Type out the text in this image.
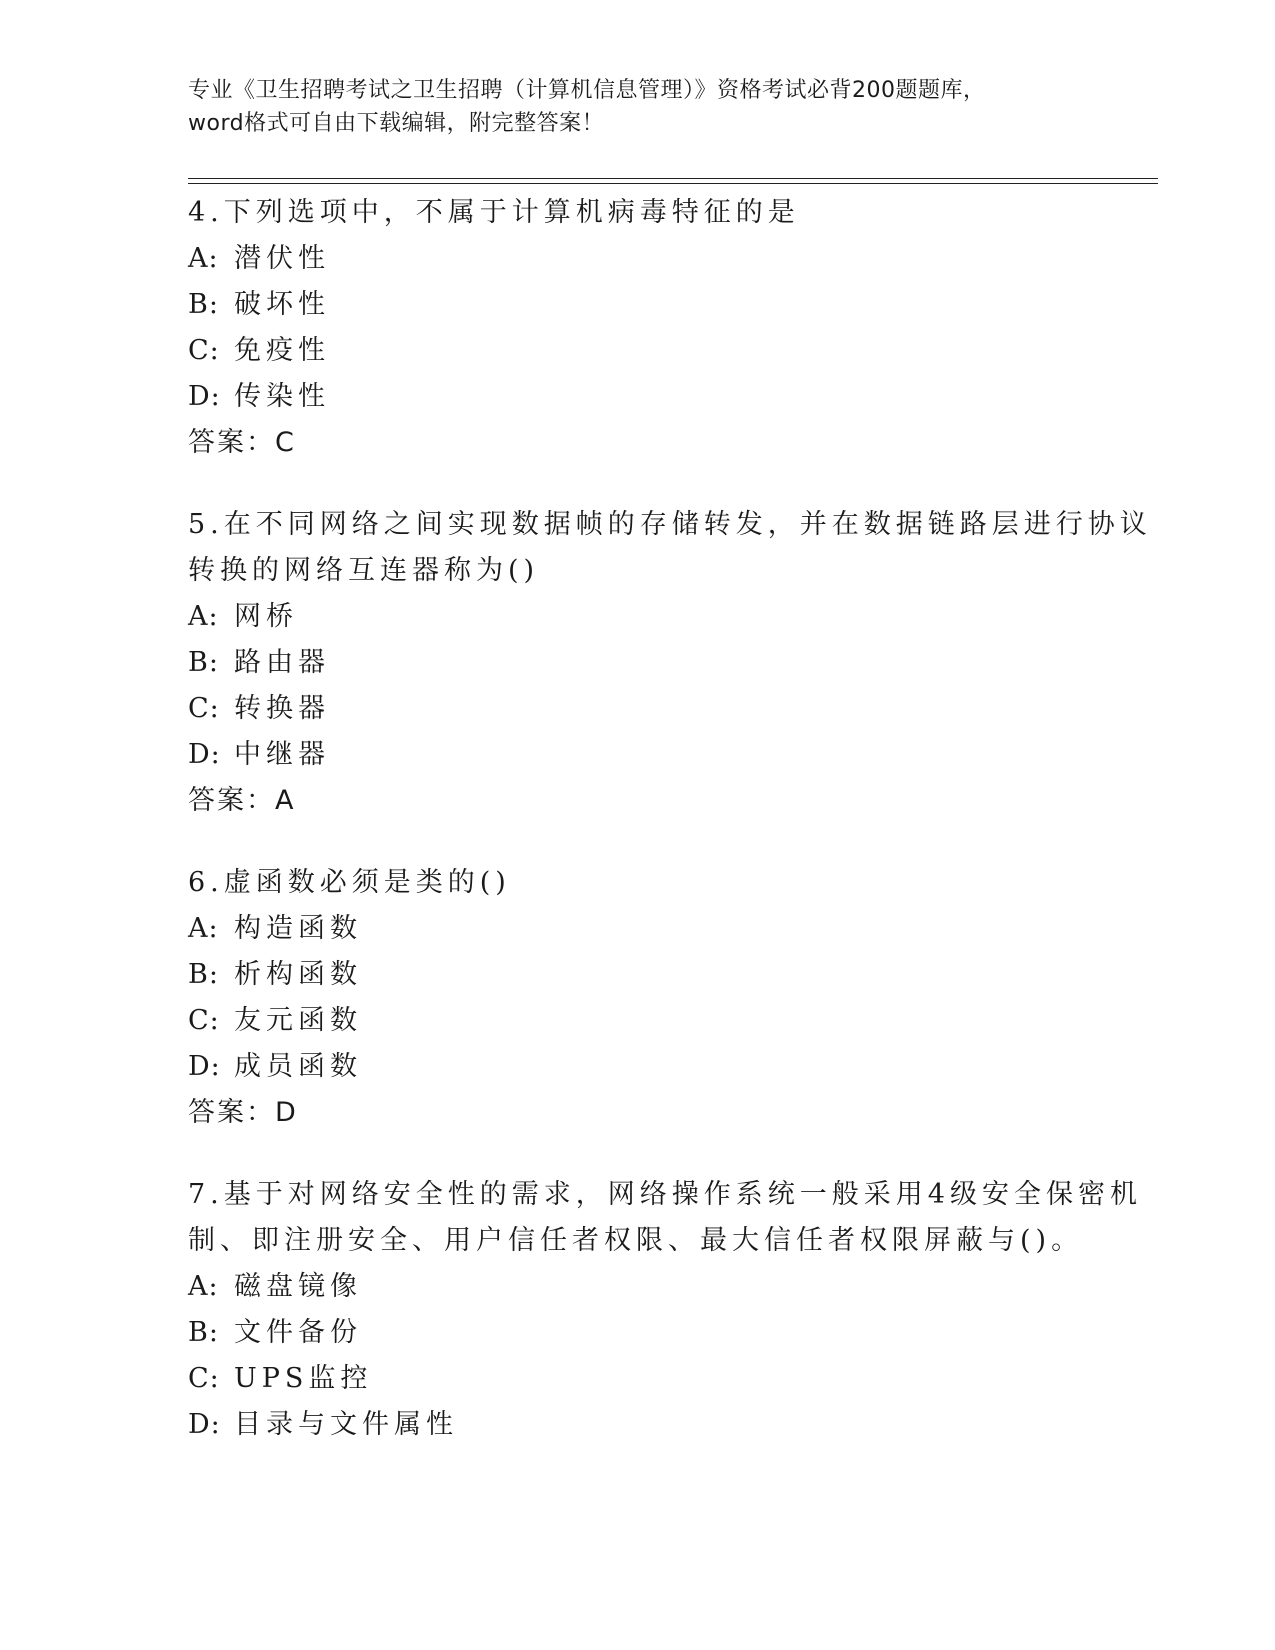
专业《卫生招聘考试之卫生招聘（计算机信息管理）》资格考试必背200题题库，
word格式可自由下载编辑，附完整答案！
4.下列选项中，不属于计算机病毒特征的是
A: 潜伏性
B: 破坏性
C: 免疫性
D: 传染性
答案：C
5.在不同网络之间实现数据帧的存储转发，并在数据链路层进行协议
转换的网络互连器称为()
A: 网桥
B: 路由器
C: 转换器
D: 中继器
答案：A
6.虚函数必须是类的()
A: 构造函数
B: 析构函数
C: 友元函数
D: 成员函数
答案：D
7.基于对网络安全性的需求，网络操作系统一般采用4级安全保密机
制、即注册安全、用户信任者权限、最大信任者权限屏蔽与()。
A: 磁盘镜像
B: 文件备份
C: UPS监控
D: 目录与文件属性
